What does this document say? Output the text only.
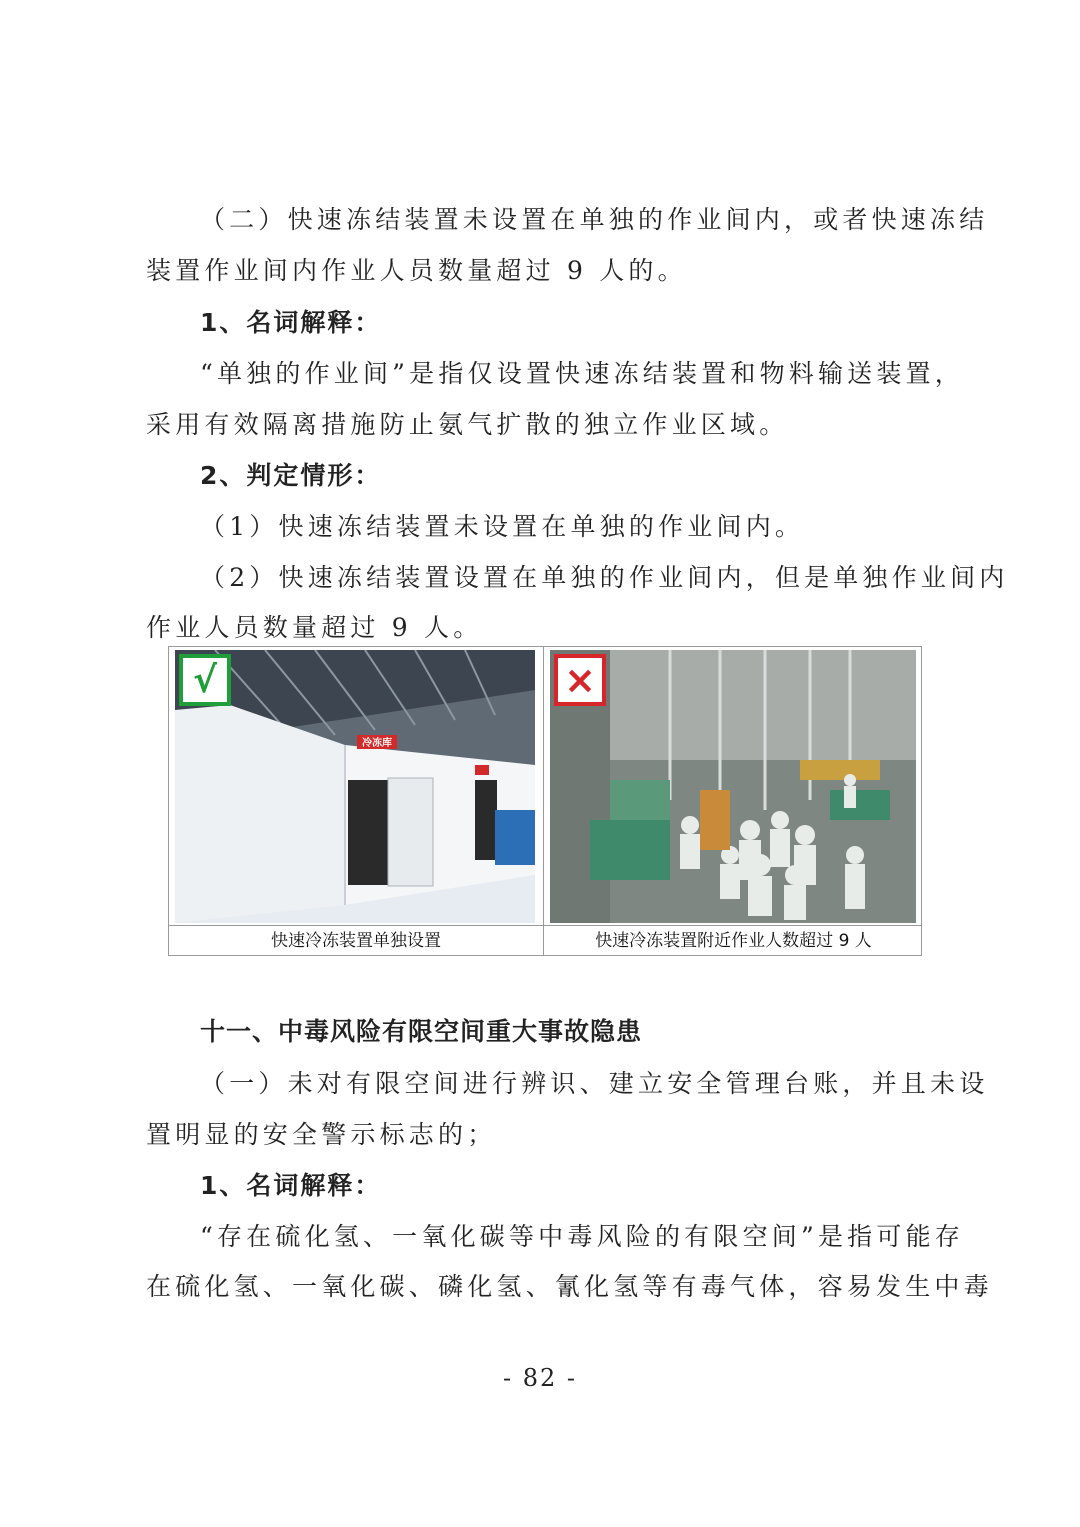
（二）快速冻结装置未设置在单独的作业间内，或者快速冻结
装置作业间内作业人员数量超过 9 人的。
1、名词解释：
“单独的作业间”是指仅设置快速冻结装置和物料输送装置，
采用有效隔离措施防止氨气扩散的独立作业区域。
2、判定情形：
（1）快速冻结装置未设置在单独的作业间内。
（2）快速冻结装置设置在单独的作业间内，但是单独作业间内
作业人员数量超过 9 人。
冷冻库
√	×
快速冷冻装置单独设置	快速冷冻装置附近作业人数超过 9 人
十一、中毒风险有限空间重大事故隐患
（一）未对有限空间进行辨识、建立安全管理台账，并且未设
置明显的安全警示标志的；
1、名词解释：
“存在硫化氢、一氧化碳等中毒风险的有限空间”是指可能存
在硫化氢、一氧化碳、磷化氢、氰化氢等有毒气体，容易发生中毒
- 82 -
